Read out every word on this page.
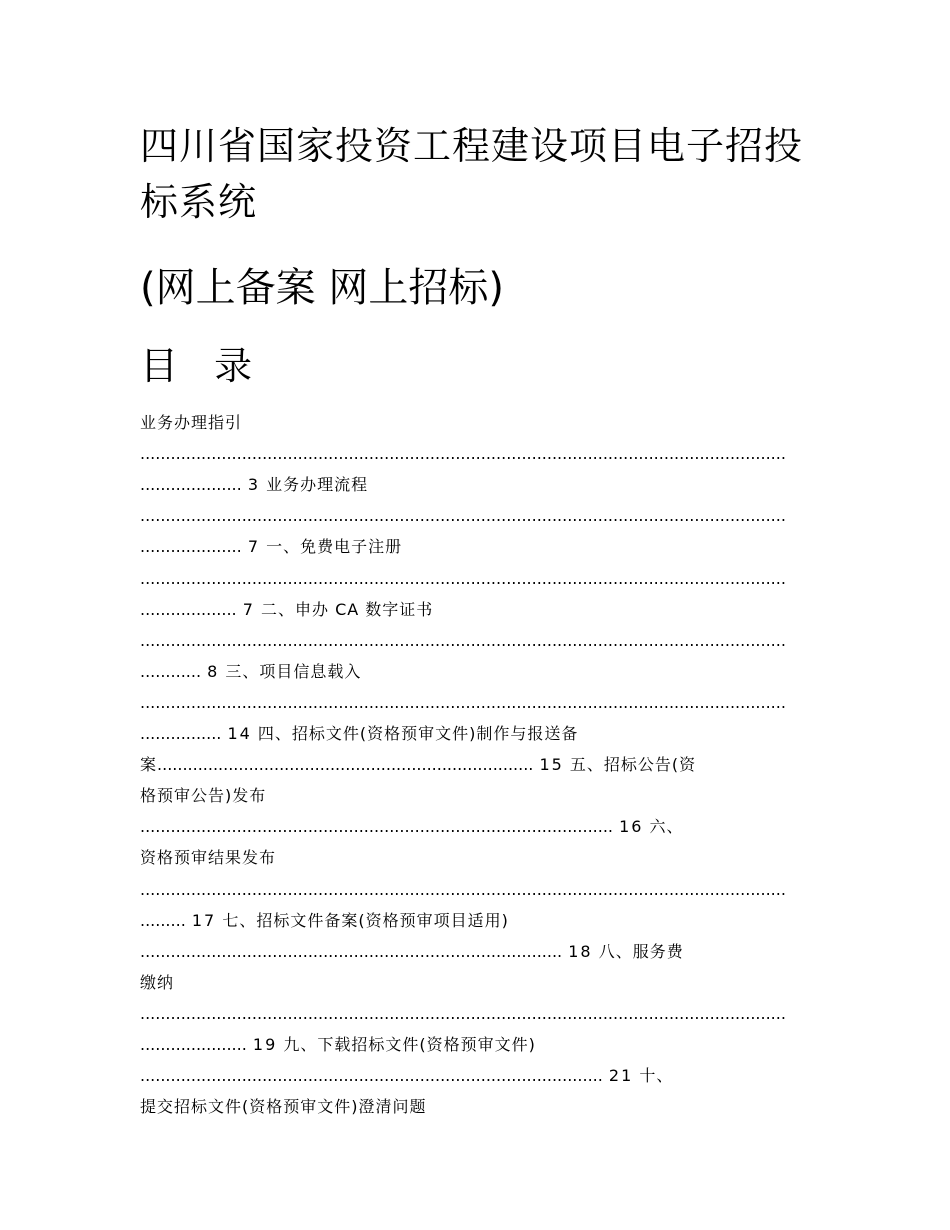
四川省国家投资工程建设项目电子招投
标系统
(网上备案 网上招标)
目 录
业务办理指引
...............................................................................................................................
.................... 3 业务办理流程
...............................................................................................................................
.................... 7 一、免费电子注册
...............................................................................................................................
................... 7 二、申办 CA 数字证书
...............................................................................................................................
............ 8 三、项目信息载入
...............................................................................................................................
................ 14 四、招标文件(资格预审文件)制作与报送备
案.......................................................................... 15 五、招标公告(资
格预审公告)发布
............................................................................................. 16 六、
资格预审结果发布
...............................................................................................................................
......... 17 七、招标文件备案(资格预审项目适用)
................................................................................... 18 八、服务费
缴纳
...............................................................................................................................
..................... 19 九、下载招标文件(资格预审文件)
........................................................................................... 21 十、
提交招标文件(资格预审文件)澄清问题
